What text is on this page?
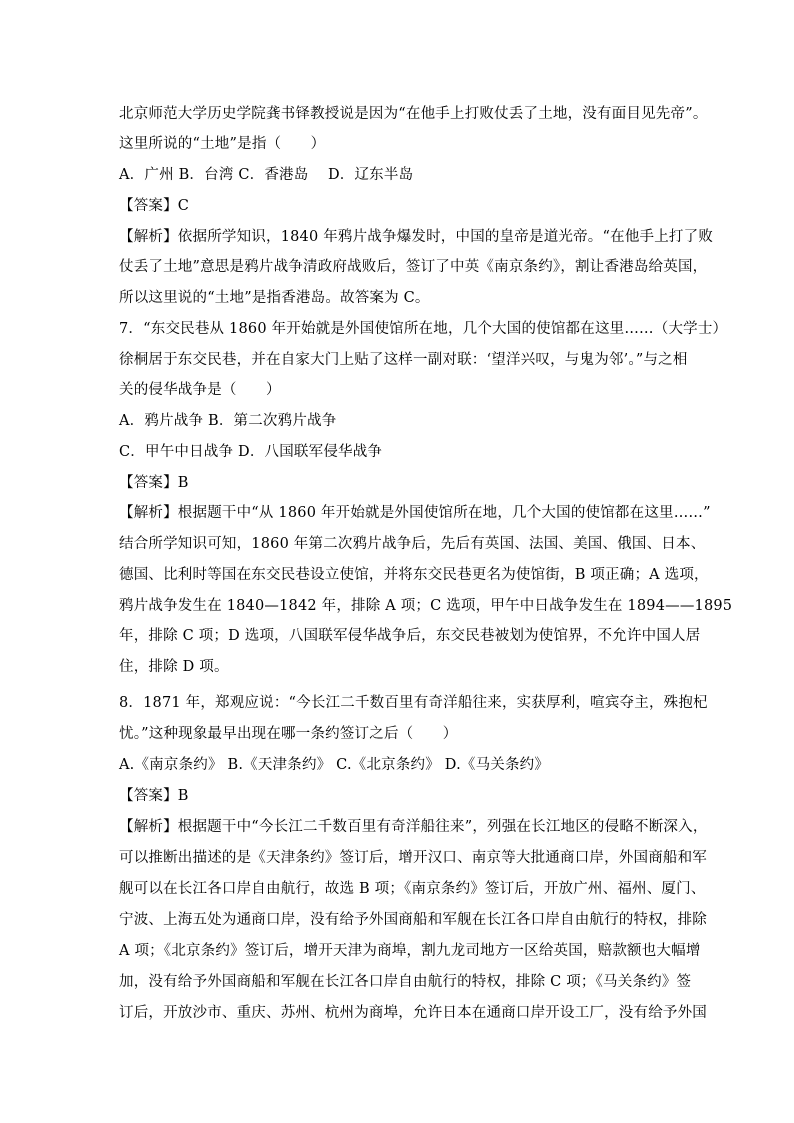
北京师范大学历史学院龚书铎教授说是因为“在他手上打败仗丢了土地，没有面目见先帝”。
这里所说的“土地”是指（　　）
A．广州 B．台湾 C．香港岛　 D．辽东半岛
【答案】C
【解析】依据所学知识，1840 年鸦片战争爆发时，中国的皇帝是道光帝。“在他手上打了败
仗丢了土地”意思是鸦片战争清政府战败后，签订了中英《南京条约》，割让香港岛给英国，
所以这里说的“土地”是指香港岛。故答案为 C。
7．“东交民巷从 1860 年开始就是外国使馆所在地，几个大国的使馆都在这里……（大学士）
徐桐居于东交民巷，并在自家大门上贴了这样一副对联：‘望洋兴叹，与鬼为邻’。”与之相
关的侵华战争是（　　）
A．鸦片战争 B．第二次鸦片战争
C．甲午中日战争 D．八国联军侵华战争
【答案】B
【解析】根据题干中“从 1860 年开始就是外国使馆所在地，几个大国的使馆都在这里……”
结合所学知识可知，1860 年第二次鸦片战争后，先后有英国、法国、美国、俄国、日本、
德国、比利时等国在东交民巷设立使馆，并将东交民巷更名为使馆街，B 项正确；A 选项，
鸦片战争发生在 1840—1842 年，排除 A 项；C 选项，甲午中日战争发生在 1894——1895
年，排除 C 项；D 选项，八国联军侵华战争后，东交民巷被划为使馆界，不允许中国人居
住，排除 D 项。
8．1871 年，郑观应说：“今长江二千数百里有奇洋船往来，实获厚利，喧宾夺主，殊抱杞
忧。”这种现象最早出现在哪一条约签订之后（　　）
A.《南京条约》 B.《天津条约》 C.《北京条约》 D.《马关条约》
【答案】B
【解析】根据题干中“今长江二千数百里有奇洋船往来”，列强在长江地区的侵略不断深入，
可以推断出描述的是《天津条约》签订后，增开汉口、南京等大批通商口岸，外国商船和军
舰可以在长江各口岸自由航行，故选 B 项；《南京条约》签订后，开放广州、福州、厦门、
宁波、上海五处为通商口岸，没有给予外国商船和军舰在长江各口岸自由航行的特权，排除
A 项；《北京条约》签订后，增开天津为商埠，割九龙司地方一区给英国，赔款额也大幅增
加，没有给予外国商船和军舰在长江各口岸自由航行的特权，排除 C 项；《马关条约》签
订后，开放沙市、重庆、苏州、杭州为商埠，允许日本在通商口岸开设工厂，没有给予外国
